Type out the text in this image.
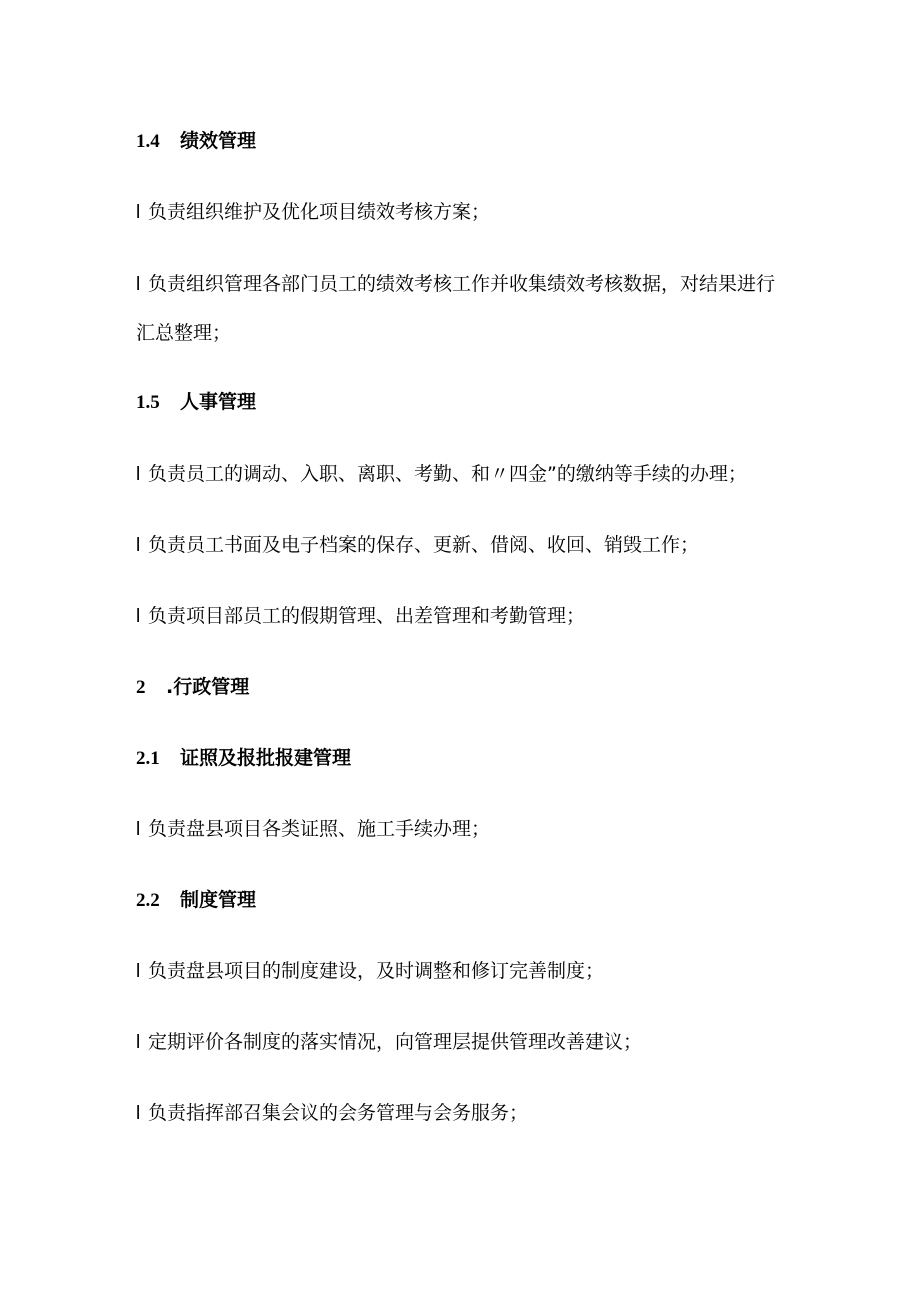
1.4 绩效管理
l 负责组织维护及优化项目绩效考核方案；
l 负责组织管理各部门员工的绩效考核工作并收集绩效考核数据，对结果进行汇总整理；
1.5 人事管理
l 负责员工的调动、入职、离职、考勤、和〃四金”的缴纳等手续的办理；
l 负责员工书面及电子档案的保存、更新、借阅、收回、销毁工作；
l 负责项目部员工的假期管理、出差管理和考勤管理；
2 .行政管理
2.1 证照及报批报建管理
l 负责盘县项目各类证照、施工手续办理；
2.2 制度管理
l 负责盘县项目的制度建设，及时调整和修订完善制度；
l 定期评价各制度的落实情况，向管理层提供管理改善建议；
l 负责指挥部召集会议的会务管理与会务服务；
